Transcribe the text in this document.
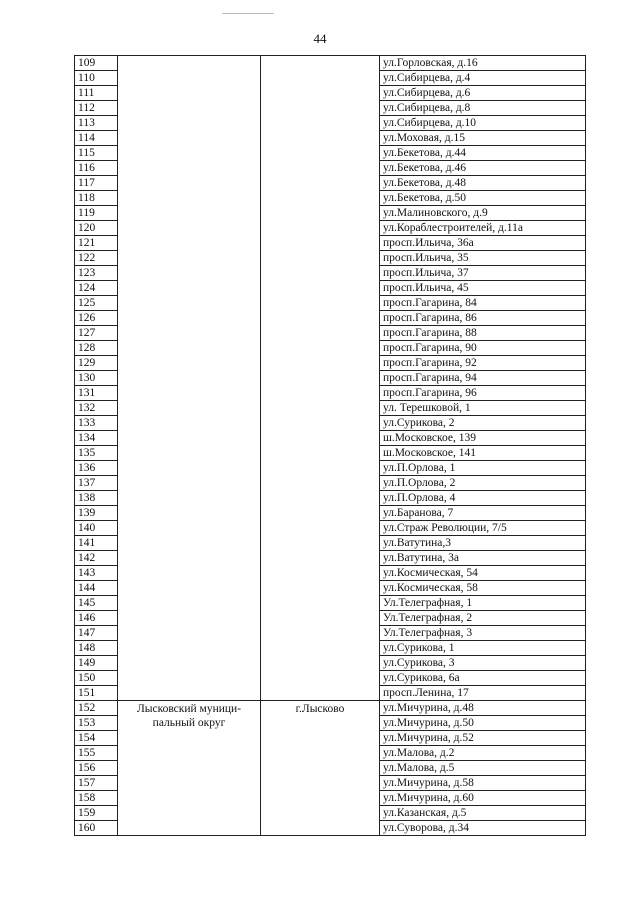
44
109			ул.Горловская, д.16
110			ул.Сибирцева, д.4
111			ул.Сибирцева, д.6
112			ул.Сибирцева, д.8
113			ул.Сибирцева, д.10
114			ул.Моховая, д.15
115			ул.Бекетова, д.44
116			ул.Бекетова, д.46
117			ул.Бекетова, д.48
118			ул.Бекетова, д.50
119			ул.Малиновского, д.9
120			ул.Кораблестроителей, д.11а
121			просп.Ильича, 36а
122			просп.Ильича, 35
123			просп.Ильича, 37
124			просп.Ильича, 45
125			просп.Гагарина, 84
126			просп.Гагарина, 86
127			просп.Гагарина, 88
128			просп.Гагарина, 90
129			просп.Гагарина, 92
130			просп.Гагарина, 94
131			просп.Гагарина, 96
132			ул. Терешковой, 1
133			ул.Сурикова, 2
134			ш.Московское, 139
135			ш.Московское, 141
136			ул.П.Орлова, 1
137			ул.П.Орлова, 2
138			ул.П.Орлова, 4
139			ул.Баранова, 7
140			ул.Страж Революции, 7/5
141			ул.Ватутина,3
142			ул.Ватутина, 3а
143			ул.Космическая, 54
144			ул.Космическая, 58
145			Ул.Телеграфная, 1
146			Ул.Телеграфная, 2
147			Ул.Телеграфная, 3
148			ул.Сурикова, 1
149			ул.Сурикова, 3
150			ул.Сурикова, 6а
151			просп.Ленина, 17
152	Лысковский муници-пальный округ	г.Лысково	ул.Мичурина, д.48
153			ул.Мичурина, д.50
154			ул.Мичурина, д.52
155			ул.Малова, д.2
156			ул.Малова, д.5
157			ул.Мичурина, д.58
158			ул.Мичурина, д.60
159			ул.Казанская, д.5
160			ул.Суворова, д.34
